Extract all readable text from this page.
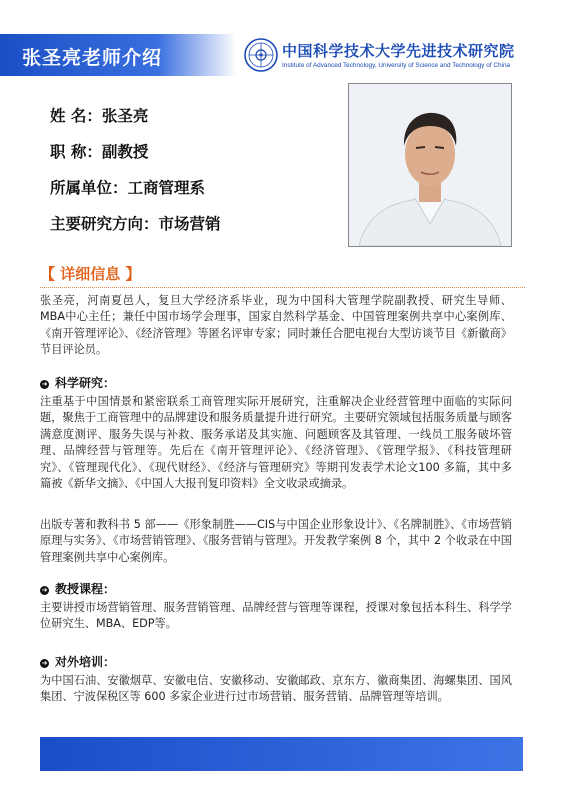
张圣亮老师介绍	中国科学技术大学先进技术研究院
Institute of Advanced Technology, University of Science and Technology of China
姓 名：张圣亮
职 称：副教授
所属单位：工商管理系
主要研究方向：市场营销
【 详细信息 】
张圣亮，河南夏邑人，复旦大学经济系毕业，现为中国科大管理学院副教授、研究生导师、MBA中心主任；兼任中国市场学会理事，国家自然科学基金、中国管理案例共享中心案例库、《南开管理评论》、《经济管理》等匿名评审专家；同时兼任合肥电视台大型访谈节目《新徽商》节目评论员。
➜ 科学研究：
注重基于中国情景和紧密联系工商管理实际开展研究，注重解决企业经营管理中面临的实际问题，聚焦于工商管理中的品牌建设和服务质量提升进行研究。主要研究领域包括服务质量与顾客满意度测评、服务失误与补救、服务承诺及其实施、问题顾客及其管理、一线员工服务破坏管理、品牌经营与管理等。先后在《南开管理评论》、《经济管理》、《管理学报》、《科技管理研究》、《管理现代化》、《现代财经》、《经济与管理研究》等期刊发表学术论文100 多篇，其中多篇被《新华文摘》、《中国人大报刊复印资料》全文收录或摘录。
出版专著和教科书 5 部——《形象制胜——CIS与中国企业形象设计》、《名牌制胜》、《市场营销原理与实务》、《市场营销管理》、《服务营销与管理》。开发教学案例 8 个，其中 2 个收录在中国管理案例共享中心案例库。
➜ 教授课程：
主要讲授市场营销管理、服务营销管理、品牌经营与管理等课程，授课对象包括本科生、科学学位研究生、MBA、EDP等。
➜ 对外培训：
为中国石油、安徽烟草、安徽电信、安徽移动、安徽邮政、京东方、徽商集团、海螺集团、国风集团、宁波保税区等 600 多家企业进行过市场营销、服务营销、品牌管理等培训。
